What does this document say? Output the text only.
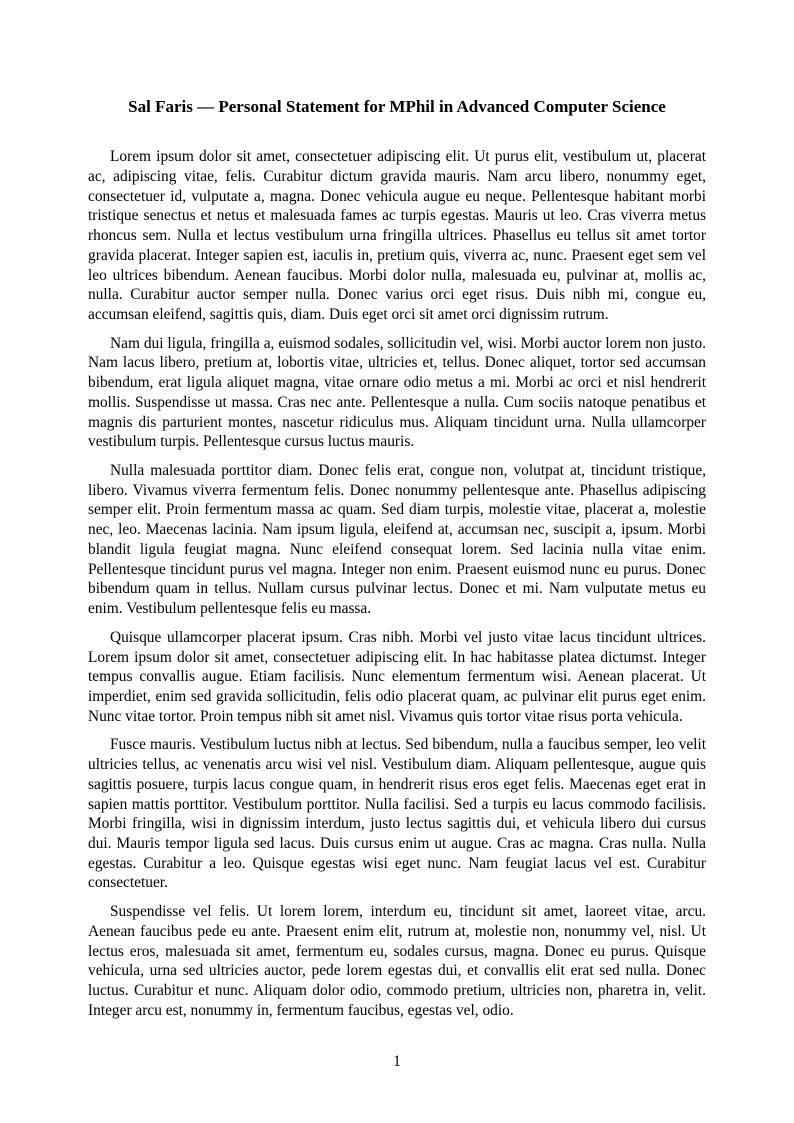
Sal Faris — Personal Statement for MPhil in Advanced Computer Science

Lorem ipsum dolor sit amet, consectetuer adipiscing elit. Ut purus elit, vestibulum ut, placerat ac, adipiscing vitae, felis. Curabitur dictum gravida mauris. Nam arcu libero, nonummy eget, consectetuer id, vulputate a, magna. Donec vehicula augue eu neque. Pellentesque habitant morbi tristique senectus et netus et malesuada fames ac turpis egestas. Mauris ut leo. Cras viverra metus rhoncus sem. Nulla et lectus vestibulum urna fringilla ultrices. Phasellus eu tellus sit amet tortor gravida placerat. Integer sapien est, iaculis in, pretium quis, viverra ac, nunc. Praesent eget sem vel leo ultrices bibendum. Aenean faucibus. Morbi dolor nulla, malesuada eu, pulvinar at, mollis ac, nulla. Curabitur auctor semper nulla. Donec varius orci eget risus. Duis nibh mi, congue eu, accumsan eleifend, sagittis quis, diam. Duis eget orci sit amet orci dignissim rutrum.

Nam dui ligula, fringilla a, euismod sodales, sollicitudin vel, wisi. Morbi auctor lorem non justo. Nam lacus libero, pretium at, lobortis vitae, ultricies et, tellus. Donec aliquet, tortor sed accumsan bibendum, erat ligula aliquet magna, vitae ornare odio metus a mi. Morbi ac orci et nisl hendrerit mollis. Suspendisse ut massa. Cras nec ante. Pellentesque a nulla. Cum sociis natoque penatibus et magnis dis parturient montes, nascetur ridiculus mus. Aliquam tincidunt urna. Nulla ullamcorper vestibulum turpis. Pellentesque cursus luctus mauris.

Nulla malesuada porttitor diam. Donec felis erat, congue non, volutpat at, tincidunt tristique, libero. Vivamus viverra fermentum felis. Donec nonummy pellentesque ante. Phasellus adipiscing semper elit. Proin fermentum massa ac quam. Sed diam turpis, molestie vitae, placerat a, molestie nec, leo. Maecenas lacinia. Nam ipsum ligula, eleifend at, accumsan nec, suscipit a, ipsum. Morbi blandit ligula feugiat magna. Nunc eleifend consequat lorem. Sed lacinia nulla vitae enim. Pellentesque tincidunt purus vel magna. Integer non enim. Praesent euismod nunc eu purus. Donec bibendum quam in tellus. Nullam cursus pulvinar lectus. Donec et mi. Nam vulputate metus eu enim. Vestibulum pellentesque felis eu massa.

Quisque ullamcorper placerat ipsum. Cras nibh. Morbi vel justo vitae lacus tincidunt ultrices. Lorem ipsum dolor sit amet, consectetuer adipiscing elit. In hac habitasse platea dictumst. Integer tempus convallis augue. Etiam facilisis. Nunc elementum fermentum wisi. Aenean placerat. Ut imperdiet, enim sed gravida sollicitudin, felis odio placerat quam, ac pulvinar elit purus eget enim. Nunc vitae tortor. Proin tempus nibh sit amet nisl. Vivamus quis tortor vitae risus porta vehicula.

Fusce mauris. Vestibulum luctus nibh at lectus. Sed bibendum, nulla a faucibus semper, leo velit ultricies tellus, ac venenatis arcu wisi vel nisl. Vestibulum diam. Aliquam pellentesque, augue quis sagittis posuere, turpis lacus congue quam, in hendrerit risus eros eget felis. Maecenas eget erat in sapien mattis porttitor. Vestibulum porttitor. Nulla facilisi. Sed a turpis eu lacus commodo facilisis. Morbi fringilla, wisi in dignissim interdum, justo lectus sagittis dui, et vehicula libero dui cursus dui. Mauris tempor ligula sed lacus. Duis cursus enim ut augue. Cras ac magna. Cras nulla. Nulla egestas. Curabitur a leo. Quisque egestas wisi eget nunc. Nam feugiat lacus vel est. Curabitur consectetuer.

Suspendisse vel felis. Ut lorem lorem, interdum eu, tincidunt sit amet, laoreet vitae, arcu. Aenean faucibus pede eu ante. Praesent enim elit, rutrum at, molestie non, nonummy vel, nisl. Ut lectus eros, malesuada sit amet, fermentum eu, sodales cursus, magna. Donec eu purus. Quisque vehicula, urna sed ultricies auctor, pede lorem egestas dui, et convallis elit erat sed nulla. Donec luctus. Curabitur et nunc. Aliquam dolor odio, commodo pretium, ultricies non, pharetra in, velit. Integer arcu est, nonummy in, fermentum faucibus, egestas vel, odio.

1
